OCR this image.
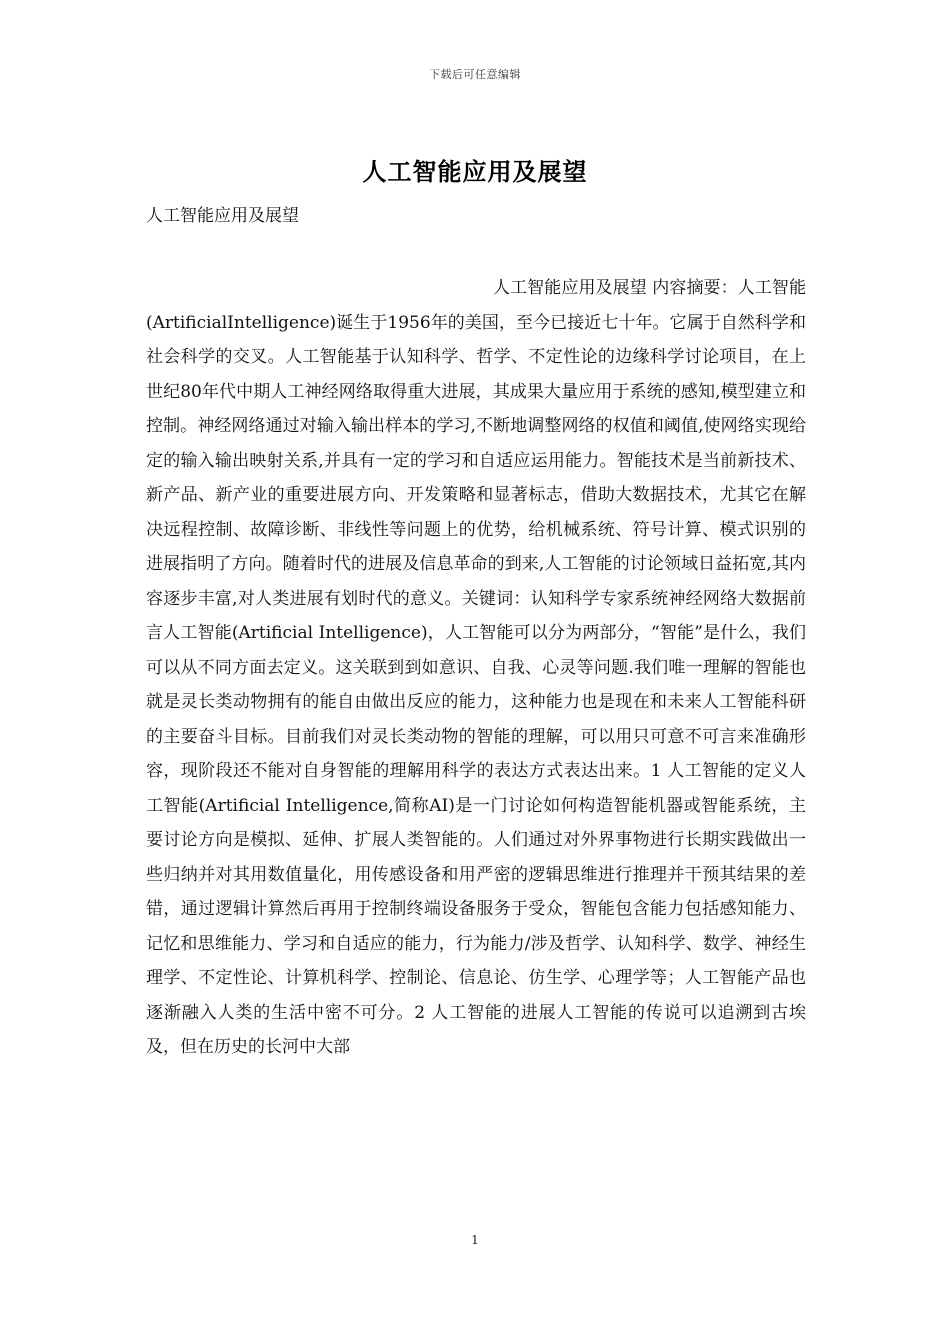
下载后可任意编辑
人工智能应用及展望
人工智能应用及展望
人工智能应用及展望 内容摘要：人工智能 (ArtificialIntelligence)诞生于1956年的美国，至今已接近七十年。它属于自然科学和社会科学的交叉。人工智能基于认知科学、哲学、不定性论的边缘科学讨论项目，在上世纪80年代中期人工神经网络取得重大进展，其成果大量应用于系统的感知,模型建立和控制。神经网络通过对输入输出样本的学习,不断地调整网络的权值和阈值,使网络实现给定的输入输出映射关系,并具有一定的学习和自适应运用能力。智能技术是当前新技术、新产品、新产业的重要进展方向、开发策略和显著标志，借助大数据技术，尤其它在解决远程控制、故障诊断、非线性等问题上的优势，给机械系统、符号计算、模式识别的进展指明了方向。随着时代的进展及信息革命的到来,人工智能的讨论领域日益拓宽,其内容逐步丰富,对人类进展有划时代的意义。关键词：认知科学专家系统神经网络大数据前言人工智能(Artificial Intelligence)，人工智能可以分为两部分，“智能”是什么，我们可以从不同方面去定义。这关联到到如意识、自我、心灵等问题.我们唯一理解的智能也就是灵长类动物拥有的能自由做出反应的能力，这种能力也是现在和未来人工智能科研的主要奋斗目标。目前我们对灵长类动物的智能的理解，可以用只可意不可言来准确形容，现阶段还不能对自身智能的理解用科学的表达方式表达出来。1 人工智能的定义人工智能(Artificial Intelligence,简称AI)是一门讨论如何构造智能机器或智能系统，主要讨论方向是模拟、延伸、扩展人类智能的。人们通过对外界事物进行长期实践做出一些归纳并对其用数值量化，用传感设备和用严密的逻辑思维进行推理并干预其结果的差错，通过逻辑计算然后再用于控制终端设备服务于受众，智能包含能力包括感知能力、记忆和思维能力、学习和自适应的能力，行为能力/涉及哲学、认知科学、数学、神经生理学、不定性论、计算机科学、控制论、信息论、仿生学、心理学等；人工智能产品也逐渐融入人类的生活中密不可分。2 人工智能的进展人工智能的传说可以追溯到古埃及，但在历史的长河中大部
1
